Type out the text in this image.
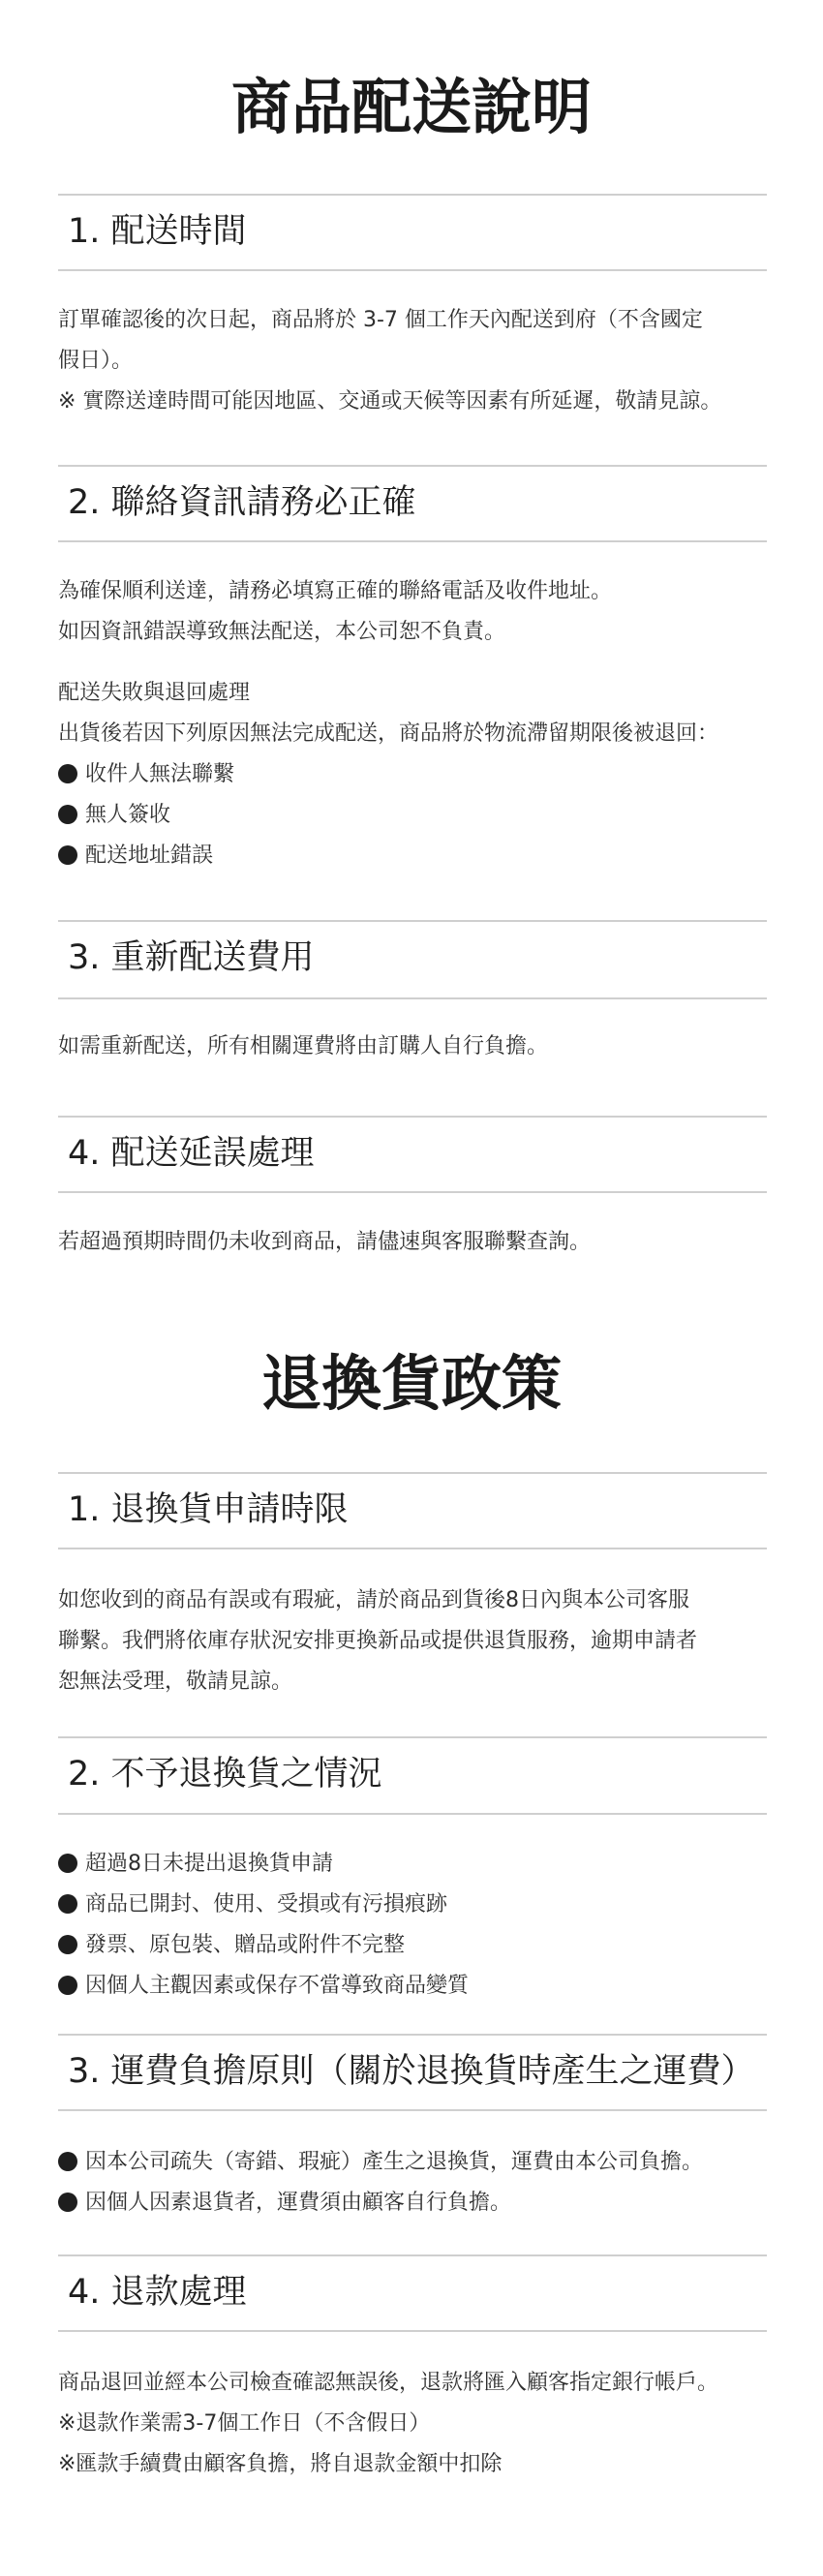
商品配送說明
1. 配送時間
訂單確認後的次日起，商品將於 3-7 個工作天內配送到府（不含國定
假日）。
※ 實際送達時間可能因地區、交通或天候等因素有所延遲，敬請見諒。
2. 聯絡資訊請務必正確
為確保順利送達，請務必填寫正確的聯絡電話及收件地址。
如因資訊錯誤導致無法配送，本公司恕不負責。
配送失敗與退回處理
出貨後若因下列原因無法完成配送，商品將於物流滯留期限後被退回：
收件人無法聯繫
無人簽收
配送地址錯誤
3. 重新配送費用
如需重新配送，所有相關運費將由訂購人自行負擔。
4. 配送延誤處理
若超過預期時間仍未收到商品，請儘速與客服聯繫查詢。
退換貨政策
1. 退換貨申請時限
如您收到的商品有誤或有瑕疵，請於商品到貨後8日內與本公司客服
聯繫。我們將依庫存狀況安排更換新品或提供退貨服務，逾期申請者
恕無法受理，敬請見諒。
2. 不予退換貨之情況
超過8日未提出退換貨申請
商品已開封、使用、受損或有污損痕跡
發票、原包裝、贈品或附件不完整
因個人主觀因素或保存不當導致商品變質
3. 運費負擔原則（關於退換貨時產生之運費）
因本公司疏失（寄錯、瑕疵）產生之退換貨，運費由本公司負擔。
因個人因素退貨者，運費須由顧客自行負擔。
4. 退款處理
商品退回並經本公司檢查確認無誤後，退款將匯入顧客指定銀行帳戶。
※退款作業需3-7個工作日（不含假日）
※匯款手續費由顧客負擔，將自退款金額中扣除
